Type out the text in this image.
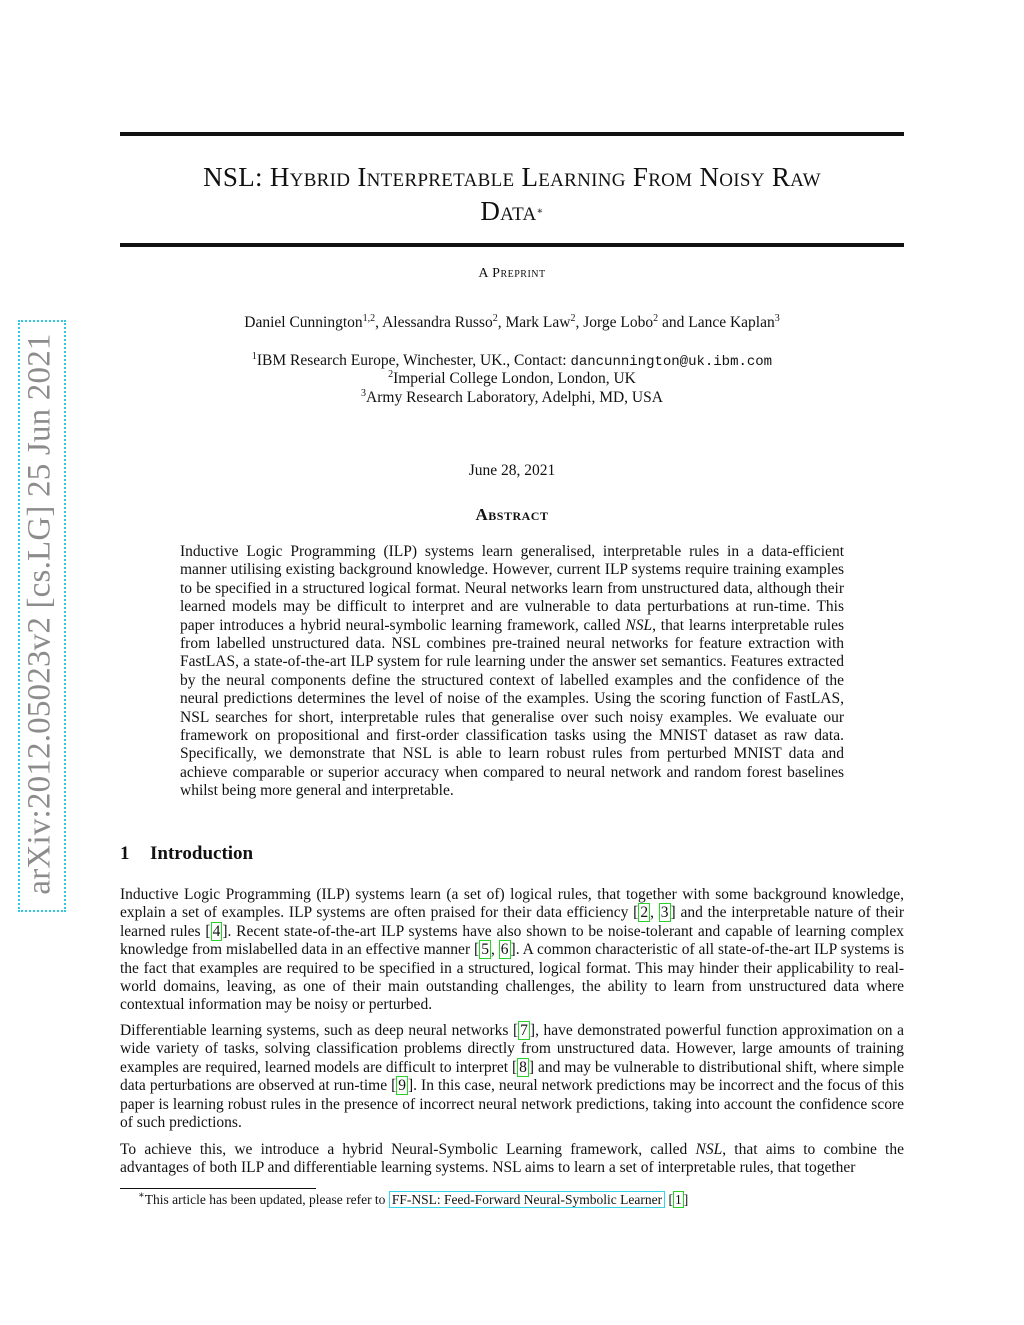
arXiv:2012.05023v2 [cs.LG] 25 Jun 2021
NSL: Hybrid Interpretable Learning From Noisy Raw
Data∗
A Preprint
Daniel Cunnington$^{1,2}$, Alessandra Russo$^2$, Mark Law$^2$, Jorge Lobo$^2$ and Lance Kaplan$^3$
$^1$IBM Research Europe, Winchester, UK., Contact: dancunnington@uk.ibm.com
$^2$Imperial College London, London, UK
$^3$Army Research Laboratory, Adelphi, MD, USA
June 28, 2021
Abstract
Inductive Logic Programming (ILP) systems learn generalised, interpretable rules in a data-efficient manner utilising existing background knowledge. However, current ILP systems require training examples to be specified in a structured logical format. Neural networks learn from unstructured data, although their learned models may be difficult to interpret and are vulnerable to data perturbations at run-time. This paper introduces a hybrid neural-symbolic learning framework, called NSL, that learns interpretable rules from labelled unstructured data. NSL combines pre-trained neural networks for feature extraction with FastLAS, a state-of-the-art ILP system for rule learning under the answer set semantics. Features extracted by the neural components define the structured context of labelled examples and the confidence of the neural predictions determines the level of noise of the examples. Using the scoring function of FastLAS, NSL searches for short, interpretable rules that generalise over such noisy examples. We evaluate our framework on propositional and first-order classification tasks using the MNIST dataset as raw data. Specifically, we demonstrate that NSL is able to learn robust rules from perturbed MNIST data and achieve comparable or superior accuracy when compared to neural network and random forest baselines whilst being more general and interpretable.
1 Introduction
Inductive Logic Programming (ILP) systems learn (a set of) logical rules, that together with some background knowledge, explain a set of examples. ILP systems are often praised for their data efficiency [ 2 , 3 ] and the interpretable nature of their learned rules [ 4 ]. Recent state-of-the-art ILP systems have also shown to be noise-tolerant and capable of learning complex knowledge from mislabelled data in an effective manner [ 5 , 6 ]. A common characteristic of all state-of-the-art ILP systems is the fact that examples are required to be specified in a structured, logical format. This may hinder their applicability to real-world domains, leaving, as one of their main outstanding challenges, the ability to learn from unstructured data where contextual information may be noisy or perturbed.
Differentiable learning systems, such as deep neural networks [ 7 ], have demonstrated powerful function approximation on a wide variety of tasks, solving classification problems directly from unstructured data. However, large amounts of training examples are required, learned models are difficult to interpret [ 8 ] and may be vulnerable to distributional shift, where simple data perturbations are observed at run-time [ 9 ]. In this case, neural network predictions may be incorrect and the focus of this paper is learning robust rules in the presence of incorrect neural network predictions, taking into account the confidence score of such predictions.
To achieve this, we introduce a hybrid Neural-Symbolic Learning framework, called NSL, that aims to combine the advantages of both ILP and differentiable learning systems. NSL aims to learn a set of interpretable rules, that together
∗This article has been updated, please refer to FF-NSL: Feed-Forward Neural-Symbolic Learner [ 1 ]
